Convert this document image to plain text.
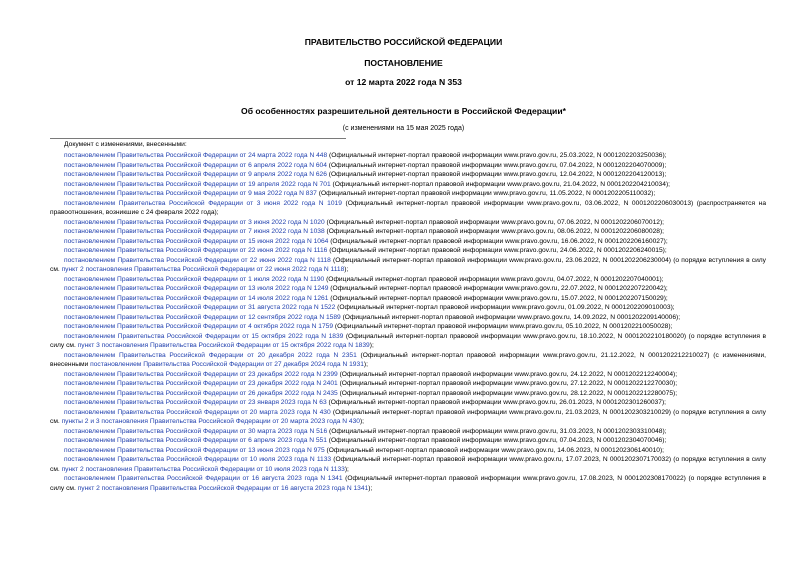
ПРАВИТЕЛЬСТВО РОССИЙСКОЙ ФЕДЕРАЦИИ
ПОСТАНОВЛЕНИЕ
от 12 марта 2022 года N 353
Об особенностях разрешительной деятельности в Российской Федерации*
(с изменениями на 15 мая 2025 года)
Документ с изменениями, внесенными:
постановлением Правительства Российской Федерации от 24 марта 2022 года N 448 (Официальный интернет-портал правовой информации www.pravo.gov.ru, 25.03.2022, N 0001202203250036);
постановлением Правительства Российской Федерации от 6 апреля 2022 года N 604 (Официальный интернет-портал правовой информации www.pravo.gov.ru, 07.04.2022, N 0001202204070009);
постановлением Правительства Российской Федерации от 9 апреля 2022 года N 626 (Официальный интернет-портал правовой информации www.pravo.gov.ru, 12.04.2022, N 0001202204120013);
постановлением Правительства Российской Федерации от 19 апреля 2022 года N 701 (Официальный интернет-портал правовой информации www.pravo.gov.ru, 21.04.2022, N 0001202204210034);
постановлением Правительства Российской Федерации от 9 мая 2022 года N 837 (Официальный интернет-портал правовой информации www.pravo.gov.ru, 11.05.2022, N 0001202205110032);
постановлением Правительства Российской Федерации от 3 июня 2022 года N 1019 (Официальный интернет-портал правовой информации www.pravo.gov.ru, 03.06.2022, N 0001202206030013) (распространяется на правоотношения, возникшие с 24 февраля 2022 года);
постановлением Правительства Российской Федерации от 3 июня 2022 года N 1020 (Официальный интернет-портал правовой информации www.pravo.gov.ru, 07.06.2022, N 0001202206070012);
постановлением Правительства Российской Федерации от 7 июня 2022 года N 1038 (Официальный интернет-портал правовой информации www.pravo.gov.ru, 08.06.2022, N 0001202206080028);
постановлением Правительства Российской Федерации от 15 июня 2022 года N 1064 (Официальный интернет-портал правовой информации www.pravo.gov.ru, 16.06.2022, N 0001202206160027);
постановлением Правительства Российской Федерации от 22 июня 2022 года N 1116 (Официальный интернет-портал правовой информации www.pravo.gov.ru, 24.06.2022, N 0001202206240015);
постановлением Правительства Российской Федерации от 22 июня 2022 года N 1118 (Официальный интернет-портал правовой информации www.pravo.gov.ru, 23.06.2022, N 0001202206230004) (о порядке вступления в силу см. пункт 2 постановления Правительства Российской Федерации от 22 июня 2022 года N 1118);
постановлением Правительства Российской Федерации от 1 июля 2022 года N 1190 (Официальный интернет-портал правовой информации www.pravo.gov.ru, 04.07.2022, N 0001202207040001);
постановлением Правительства Российской Федерации от 13 июля 2022 года N 1249 (Официальный интернет-портал правовой информации www.pravo.gov.ru, 22.07.2022, N 0001202207220042);
постановлением Правительства Российской Федерации от 14 июля 2022 года N 1261 (Официальный интернет-портал правовой информации www.pravo.gov.ru, 15.07.2022, N 0001202207150029);
постановлением Правительства Российской Федерации от 31 августа 2022 года N 1522 (Официальный интернет-портал правовой информации www.pravo.gov.ru, 01.09.2022, N 0001202209010003);
постановлением Правительства Российской Федерации от 12 сентября 2022 года N 1589 (Официальный интернет-портал правовой информации www.pravo.gov.ru, 14.09.2022, N 0001202209140006);
постановлением Правительства Российской Федерации от 4 октября 2022 года N 1759 (Официальный интернет-портал правовой информации www.pravo.gov.ru, 05.10.2022, N 0001202210050028);
постановлением Правительства Российской Федерации от 15 октября 2022 года N 1839 (Официальный интернет-портал правовой информации www.pravo.gov.ru, 18.10.2022, N 0001202210180020) (о порядке вступления в силу см. пункт 3 постановления Правительства Российской Федерации от 15 октября 2022 года N 1839);
постановлением Правительства Российской Федерации от 20 декабря 2022 года N 2351 (Официальный интернет-портал правовой информации www.pravo.gov.ru, 21.12.2022, N 0001202212210027) (с изменениями, внесенными постановлением Правительства Российской Федерации от 27 декабря 2024 года N 1931);
постановлением Правительства Российской Федерации от 23 декабря 2022 года N 2399 (Официальный интернет-портал правовой информации www.pravo.gov.ru, 24.12.2022, N 0001202212240004);
постановлением Правительства Российской Федерации от 23 декабря 2022 года N 2401 (Официальный интернет-портал правовой информации www.pravo.gov.ru, 27.12.2022, N 0001202212270030);
постановлением Правительства Российской Федерации от 26 декабря 2022 года N 2435 (Официальный интернет-портал правовой информации www.pravo.gov.ru, 28.12.2022, N 0001202212280075);
постановлением Правительства Российской Федерации от 23 января 2023 года N 63 (Официальный интернет-портал правовой информации www.pravo.gov.ru, 26.01.2023, N 0001202301260037);
постановлением Правительства Российской Федерации от 20 марта 2023 года N 430 (Официальный интернет-портал правовой информации www.pravo.gov.ru, 21.03.2023, N 0001202303210029) (о порядке вступления в силу см. пункты 2 и 3 постановления Правительства Российской Федерации от 20 марта 2023 года N 430);
постановлением Правительства Российской Федерации от 30 марта 2023 года N 516 (Официальный интернет-портал правовой информации www.pravo.gov.ru, 31.03.2023, N 0001202303310048);
постановлением Правительства Российской Федерации от 6 апреля 2023 года N 551 (Официальный интернет-портал правовой информации www.pravo.gov.ru, 07.04.2023, N 0001202304070046);
постановлением Правительства Российской Федерации от 13 июня 2023 года N 975 (Официальный интернет-портал правовой информации www.pravo.gov.ru, 14.06.2023, N 0001202306140010);
постановлением Правительства Российской Федерации от 10 июля 2023 года N 1133 (Официальный интернет-портал правовой информации www.pravo.gov.ru, 17.07.2023, N 0001202307170032) (о порядке вступления в силу см. пункт 2 постановления Правительства Российской Федерации от 10 июля 2023 года N 1133);
постановлением Правительства Российской Федерации от 16 августа 2023 года N 1341 (Официальный интернет-портал правовой информации www.pravo.gov.ru, 17.08.2023, N 0001202308170022) (о порядке вступления в силу см. пункт 2 постановления Правительства Российской Федерации от 16 августа 2023 года N 1341);
